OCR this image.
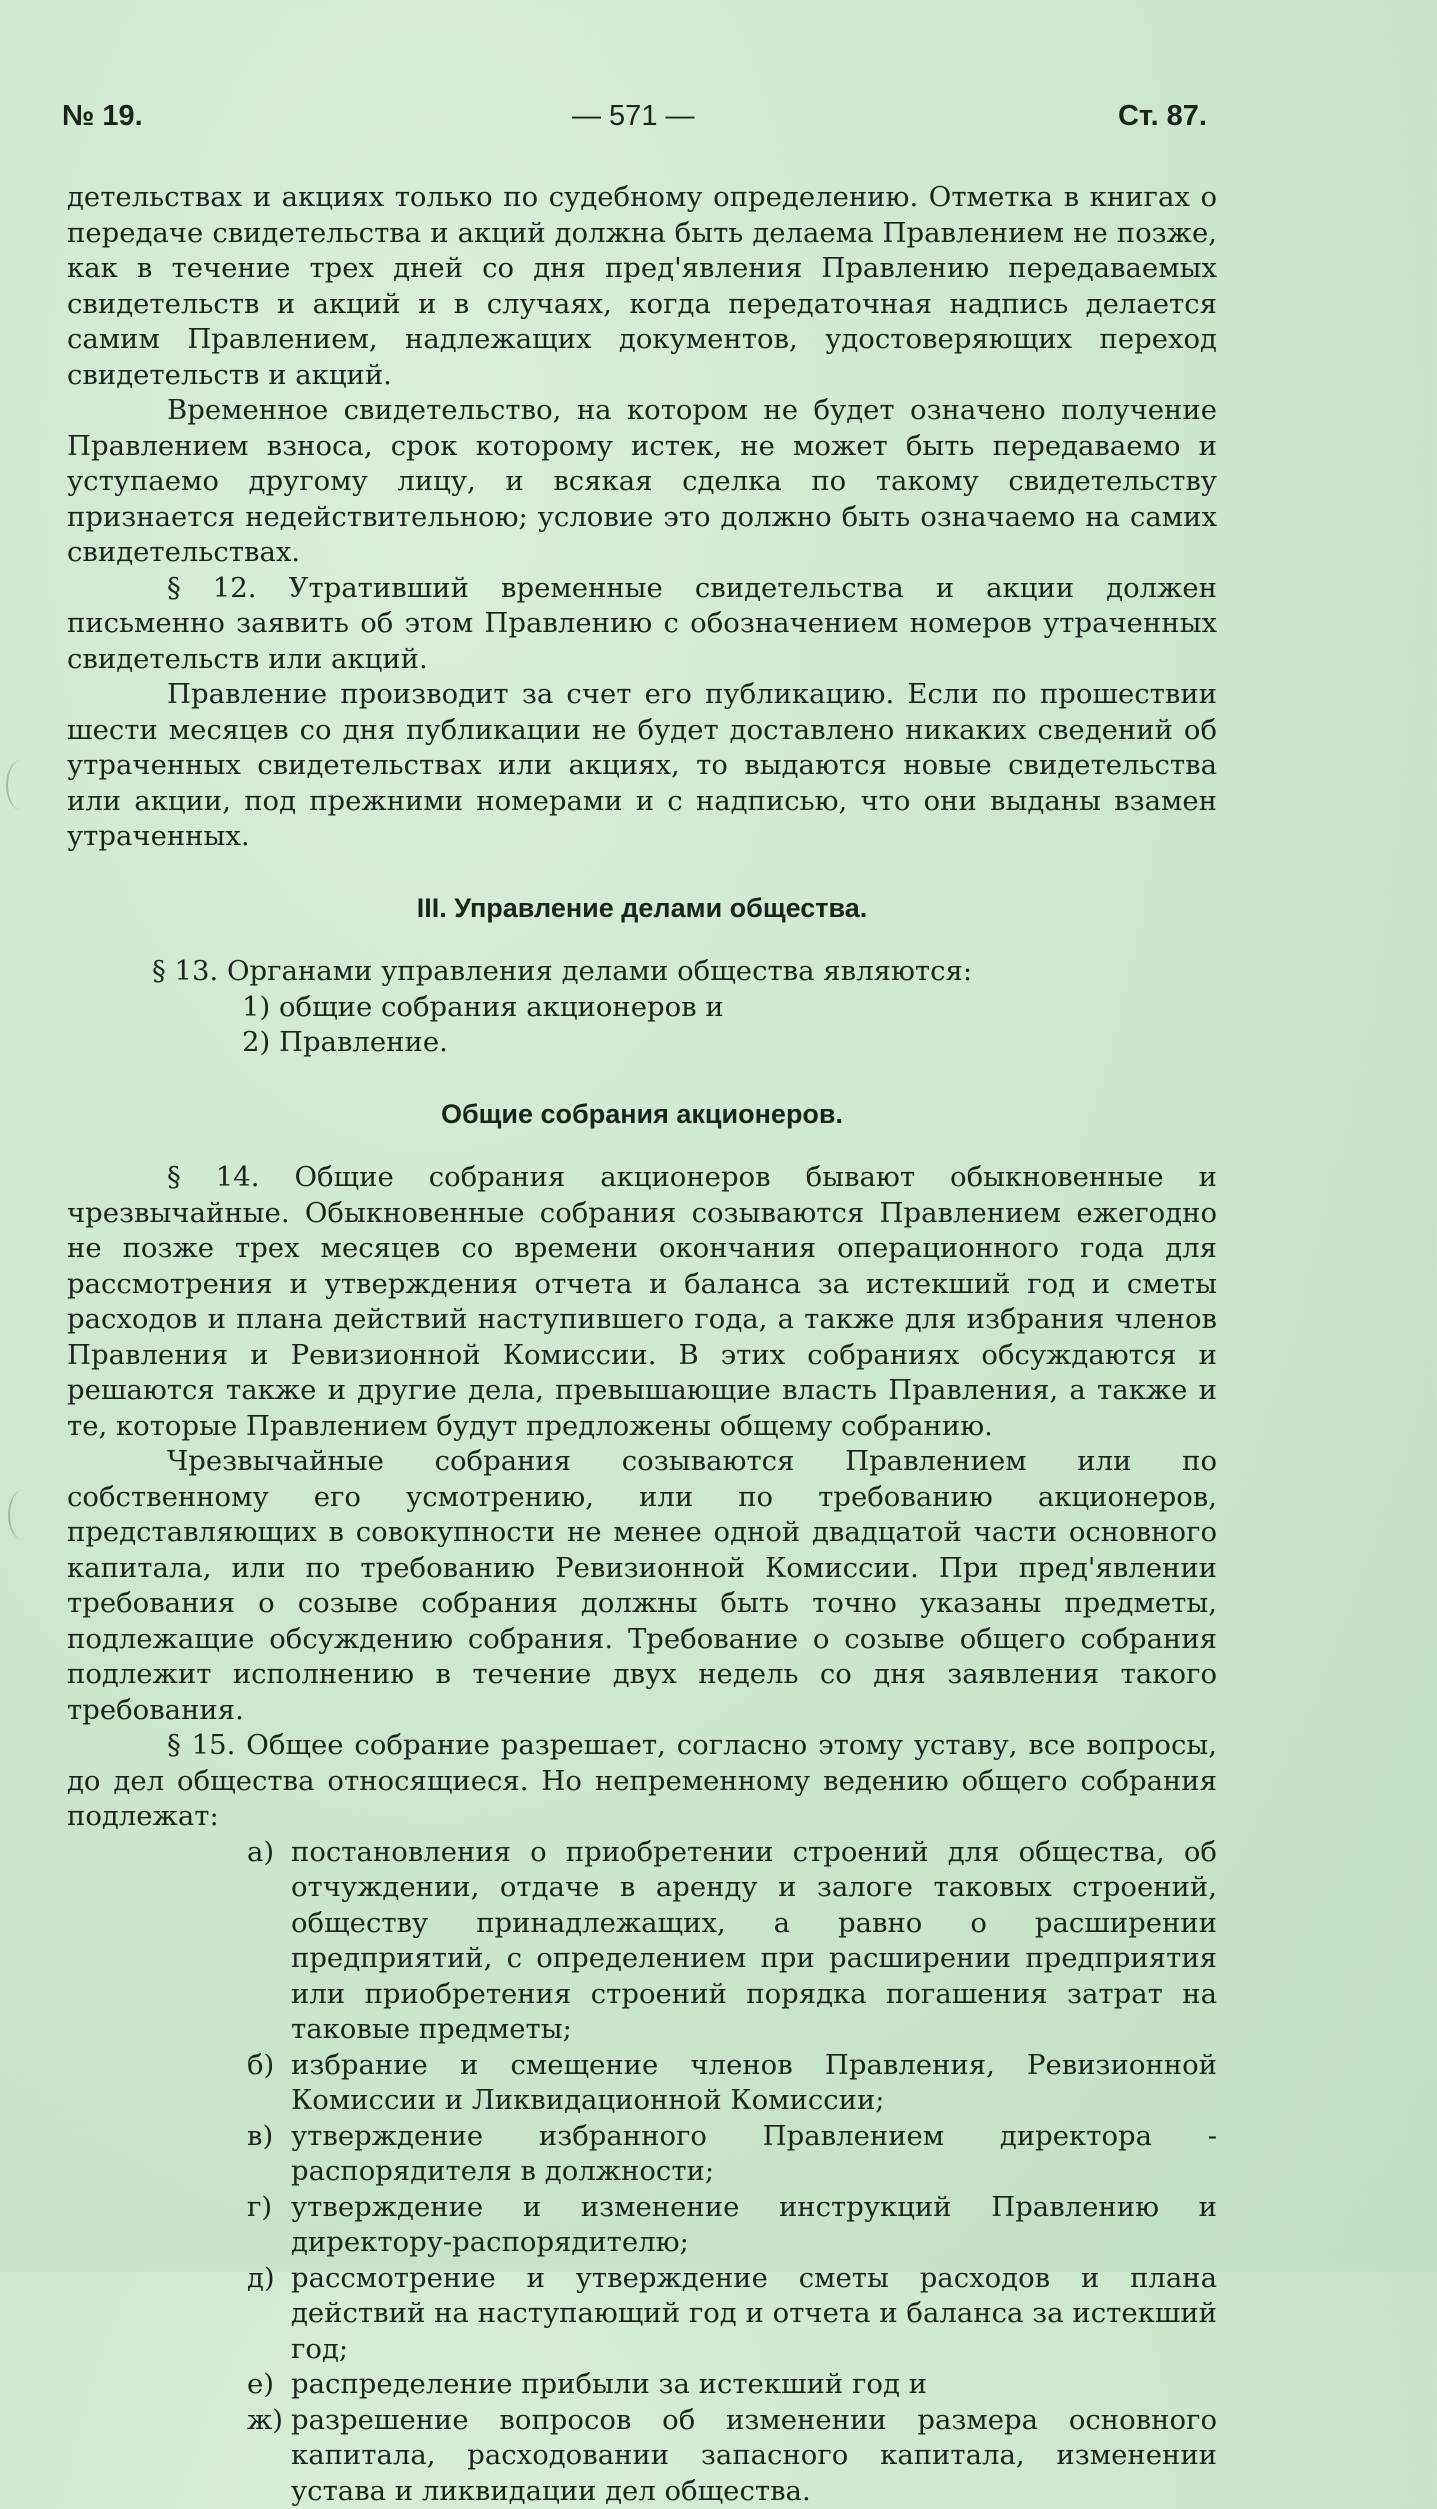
№ 19.	— 571 —	Ст. 87.

детельствах и акциях только по судебному определению. Отметка в книгах о передаче свидетельства и акций должна быть делаема Правлением не позже, как в течение трех дней со дня пред'явления Правлению передаваемых свидетельств и акций и в случаях, когда передаточная надпись делается самим Правлением, надлежащих документов, удостоверяющих переход свидетельств и акций.

Временное свидетельство, на котором не будет означено получение Правлением взноса, срок которому истек, не может быть передаваемо и уступаемо другому лицу, и всякая сделка по такому свидетельству признается недействительною; условие это должно быть означаемо на самих свидетельствах.

§ 12. Утративший временные свидетельства и акции должен письменно заявить об этом Правлению с обозначением номеров утраченных свидетельств или акций.

Правление производит за счет его публикацию. Если по прошествии шести месяцев со дня публикации не будет доставлено никаких сведений об утраченных свидетельствах или акциях, то выдаются новые свидетельства или акции, под прежними номерами и с надписью, что они выданы взамен утраченных.

III. Управление делами общества.

§ 13. Органами управления делами общества являются:

1) общие собрания акционеров и
2) Правление.
Общие собрания акционеров.

§ 14. Общие собрания акционеров бывают обыкновенные и чрезвычайные. Обыкновенные собрания созываются Правлением ежегодно не позже трех месяцев со времени окончания операционного года для рассмотрения и утверждения отчета и баланса за истекший год и сметы расходов и плана действий наступившего года, а также для избрания членов Правления и Ревизионной Комиссии. В этих собраниях обсуждаются и решаются также и другие дела, превышающие власть Правления, а также и те, которые Правлением будут предложены общему собранию.

Чрезвычайные собрания созываются Правлением или по собственному его усмотрению, или по требованию акционеров, представляющих в совокупности не менее одной двадцатой части основного капитала, или по требованию Ревизионной Комиссии. При пред'явлении требования о созыве собрания должны быть точно указаны предметы, подлежащие обсуждению собрания. Требование о созыве общего собрания подлежит исполнению в течение двух недель со дня заявления такого требования.

§ 15. Общее собрание разрешает, согласно этому уставу, все вопросы, до дел общества относящиеся. Но непременному ведению общего собрания подлежат:

а) постановления о приобретении строений для общества, об отчуждении, отдаче в аренду и залоге таковых строений, обществу принадлежащих, а равно о расширении предприятий, с определением при расширении предприятия или приобретения строений порядка погашения затрат на таковые предметы;
б) избрание и смещение членов Правления, Ревизионной Комиссии и Ликвидационной Комиссии;
в) утверждение избранного Правлением директора - распорядителя в должности;
г) утверждение и изменение инструкций Правлению и директору-распорядителю;
д) рассмотрение и утверждение сметы расходов и плана действий на наступающий год и отчета и баланса за истекший год;
е) распределение прибыли за истекший год и
ж) разрешение вопросов об изменении размера основного капитала, расходовании запасного капитала, изменении устава и ликвидации дел общества.
